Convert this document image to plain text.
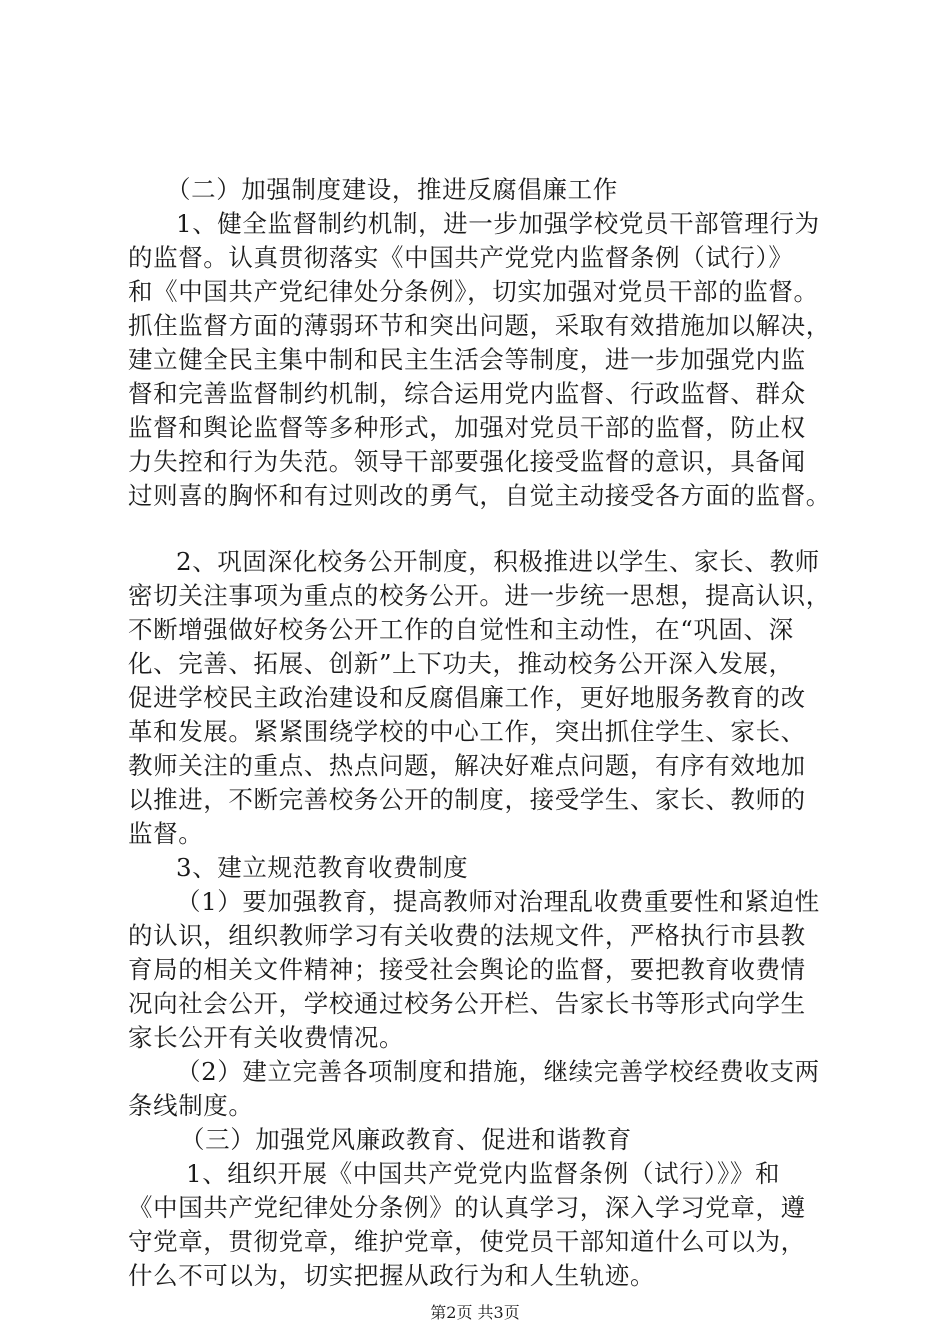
（二）加强制度建设，推进反腐倡廉工作
1、健全监督制约机制，进一步加强学校党员干部管理行为
的监督。认真贯彻落实《中国共产党党内监督条例（试行）》
和《中国共产党纪律处分条例》，切实加强对党员干部的监督。
抓住监督方面的薄弱环节和突出问题，采取有效措施加以解决，
建立健全民主集中制和民主生活会等制度，进一步加强党内监
督和完善监督制约机制，综合运用党内监督、行政监督、群众
监督和舆论监督等多种形式，加强对党员干部的监督，防止权
力失控和行为失范。领导干部要强化接受监督的意识，具备闻
过则喜的胸怀和有过则改的勇气，自觉主动接受各方面的监督。
2、巩固深化校务公开制度，积极推进以学生、家长、教师
密切关注事项为重点的校务公开。进一步统一思想，提高认识，
不断增强做好校务公开工作的自觉性和主动性，在“巩固、深
化、完善、拓展、创新”上下功夫，推动校务公开深入发展，
促进学校民主政治建设和反腐倡廉工作，更好地服务教育的改
革和发展。紧紧围绕学校的中心工作，突出抓住学生、家长、
教师关注的重点、热点问题，解决好难点问题，有序有效地加
以推进，不断完善校务公开的制度，接受学生、家长、教师的
监督。
3、建立规范教育收费制度
（1）要加强教育，提高教师对治理乱收费重要性和紧迫性
的认识，组织教师学习有关收费的法规文件，严格执行市县教
育局的相关文件精神；接受社会舆论的监督，要把教育收费情
况向社会公开，学校通过校务公开栏、告家长书等形式向学生
家长公开有关收费情况。
（2）建立完善各项制度和措施，继续完善学校经费收支两
条线制度。
（三）加强党风廉政教育、促进和谐教育
1、组织开展《中国共产党党内监督条例（试行）》》和
《中国共产党纪律处分条例》的认真学习，深入学习党章，遵
守党章，贯彻党章，维护党章，使党员干部知道什么可以为，
什么不可以为，切实把握从政行为和人生轨迹。
第2页 共3页
